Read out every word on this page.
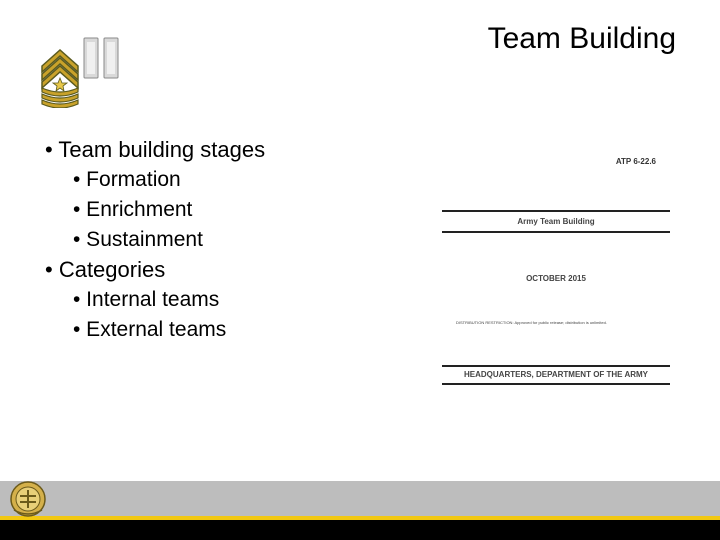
Team Building
• Team building stages
• Formation
• Enrichment
• Sustainment
• Categories
• Internal teams
• External teams
ATP 6-22.6
Army Team Building
OCTOBER 2015
DISTRIBUTION RESTRICTION: Approved for public release; distribution is unlimited.
HEADQUARTERS, DEPARTMENT OF THE ARMY
